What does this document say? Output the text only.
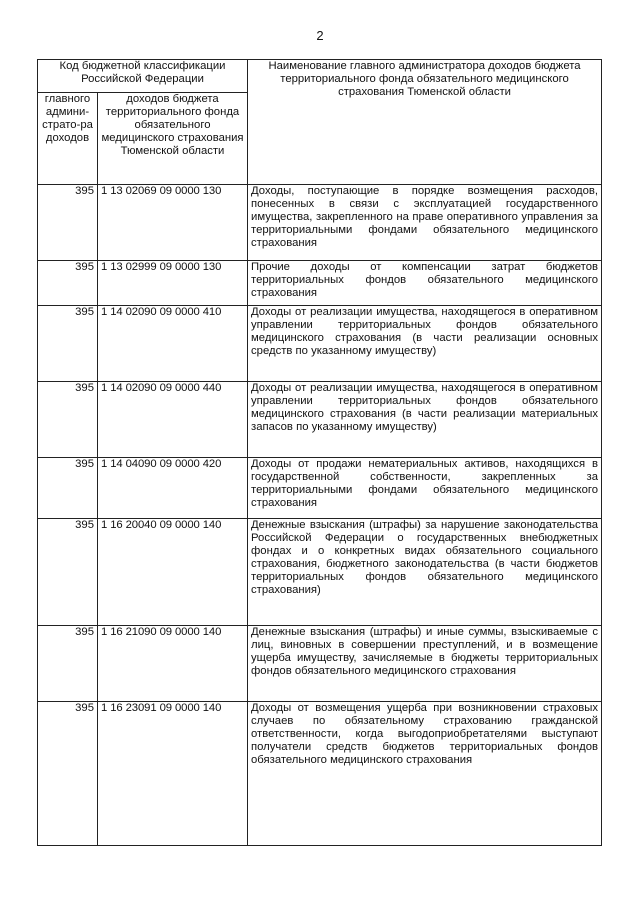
2
Код бюджетной классификации Российской Федерации		Наименование главного администратора доходов бюджета территориального фонда обязательного медицинского страхования Тюменской области
главного админи-страто-ра доходов	доходов бюджета территориального фонда обязательного медицинского страхования Тюменской области	
395	1 13 02069 09 0000 130	Доходы, поступающие в порядке возмещения расходов, понесенных в связи с эксплуатацией государственного имущества, закрепленного на праве оперативного управления за территориальными фондами обязательного медицинского страхования
395	1 13 02999 09 0000 130	Прочие доходы от компенсации затрат бюджетов территориальных фондов обязательного медицинского страхования
395	1 14 02090 09 0000 410	Доходы от реализации имущества, находящегося в оперативном управлении территориальных фондов обязательного медицинского страхования (в части реализации основных средств по указанному имуществу)
395	1 14 02090 09 0000 440	Доходы от реализации имущества, находящегося в оперативном управлении территориальных фондов обязательного медицинского страхования (в части реализации материальных запасов по указанному имуществу)
395	1 14 04090 09 0000 420	Доходы от продажи нематериальных активов, находящихся в государственной собственности, закрепленных за территориальными фондами обязательного медицинского страхования
395	1 16 20040 09 0000 140	Денежные взыскания (штрафы) за нарушение законодательства Российской Федерации о государственных внебюджетных фондах и о конкретных видах обязательного социального страхования, бюджетного законодательства (в части бюджетов территориальных фондов обязательного медицинского страхования)
395	1 16 21090 09 0000 140	Денежные взыскания (штрафы) и иные суммы, взыскиваемые с лиц, виновных в совершении преступлений, и в возмещение ущерба имуществу, зачисляемые в бюджеты территориальных фондов обязательного медицинского страхования
395	1 16 23091 09 0000 140	Доходы от возмещения ущерба при возникновении страховых случаев по обязательному страхованию гражданской ответственности, когда выгодоприобретателями выступают получатели средств бюджетов территориальных фондов обязательного медицинского страхования
